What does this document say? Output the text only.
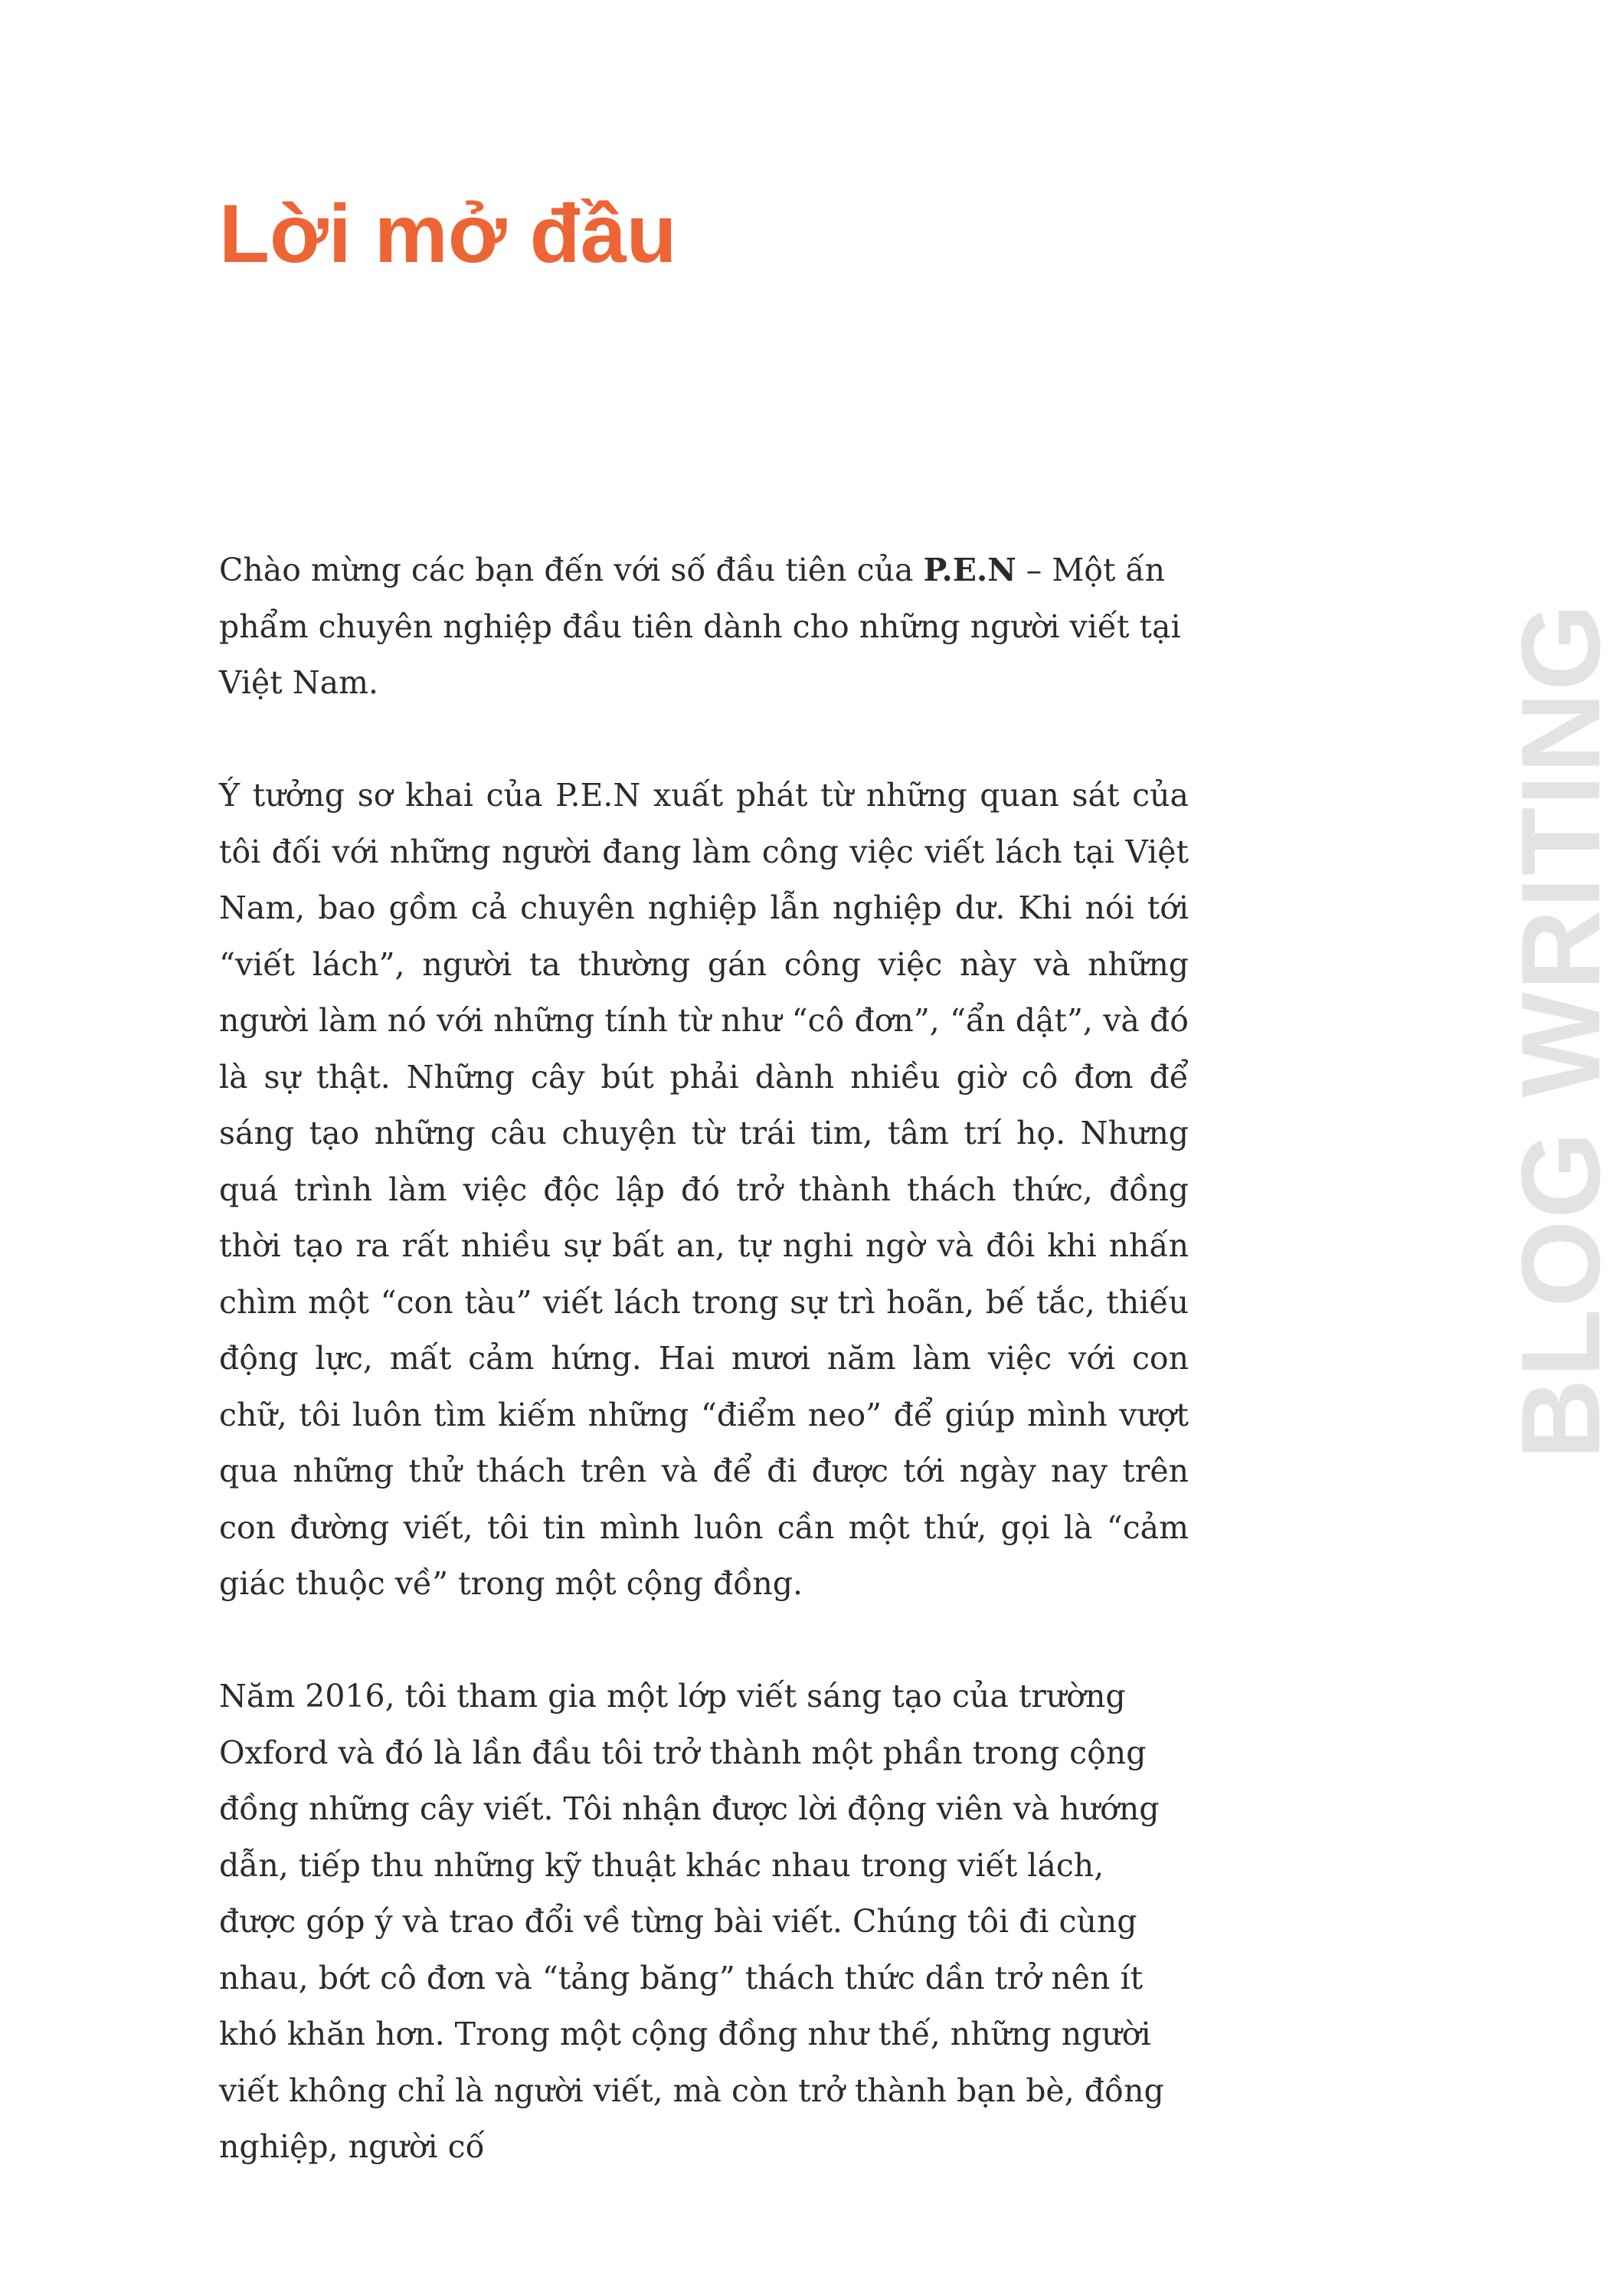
Lời mở đầu

Chào mừng các bạn đến với số đầu tiên của P.E.N – Một ấn phẩm chuyên nghiệp đầu tiên dành cho những người viết tại Việt Nam.

Ý tưởng sơ khai của P.E.N xuất phát từ những quan sát của tôi đối với những người đang làm công việc viết lách tại Việt Nam, bao gồm cả chuyên nghiệp lẫn nghiệp dư. Khi nói tới “viết lách”, người ta thường gán công việc này và những người làm nó với những tính từ như “cô đơn”, “ẩn dật”, và đó là sự thật. Những cây bút phải dành nhiều giờ cô đơn để sáng tạo những câu chuyện từ trái tim, tâm trí họ. Nhưng quá trình làm việc độc lập đó trở thành thách thức, đồng thời tạo ra rất nhiều sự bất an, tự nghi ngờ và đôi khi nhấn chìm một “con tàu” viết lách trong sự trì hoãn, bế tắc, thiếu động lực, mất cảm hứng. Hai mươi năm làm việc với con chữ, tôi luôn tìm kiếm những “điểm neo” để giúp mình vượt qua những thử thách trên và để đi được tới ngày nay trên con đường viết, tôi tin mình luôn cần một thứ, gọi là “cảm giác thuộc về” trong một cộng đồng.

Năm 2016, tôi tham gia một lớp viết sáng tạo của trường Oxford và đó là lần đầu tôi trở thành một phần trong cộng đồng những cây viết. Tôi nhận được lời động viên và hướng dẫn, tiếp thu những kỹ thuật khác nhau trong viết lách, được góp ý và trao đổi về từng bài viết. Chúng tôi đi cùng nhau, bớt cô đơn và “tảng băng” thách thức dần trở nên ít khó khăn hơn. Trong một cộng đồng như thế, những người viết không chỉ là người viết, mà còn trở thành bạn bè, đồng nghiệp, người cố

BLOG WRITING
